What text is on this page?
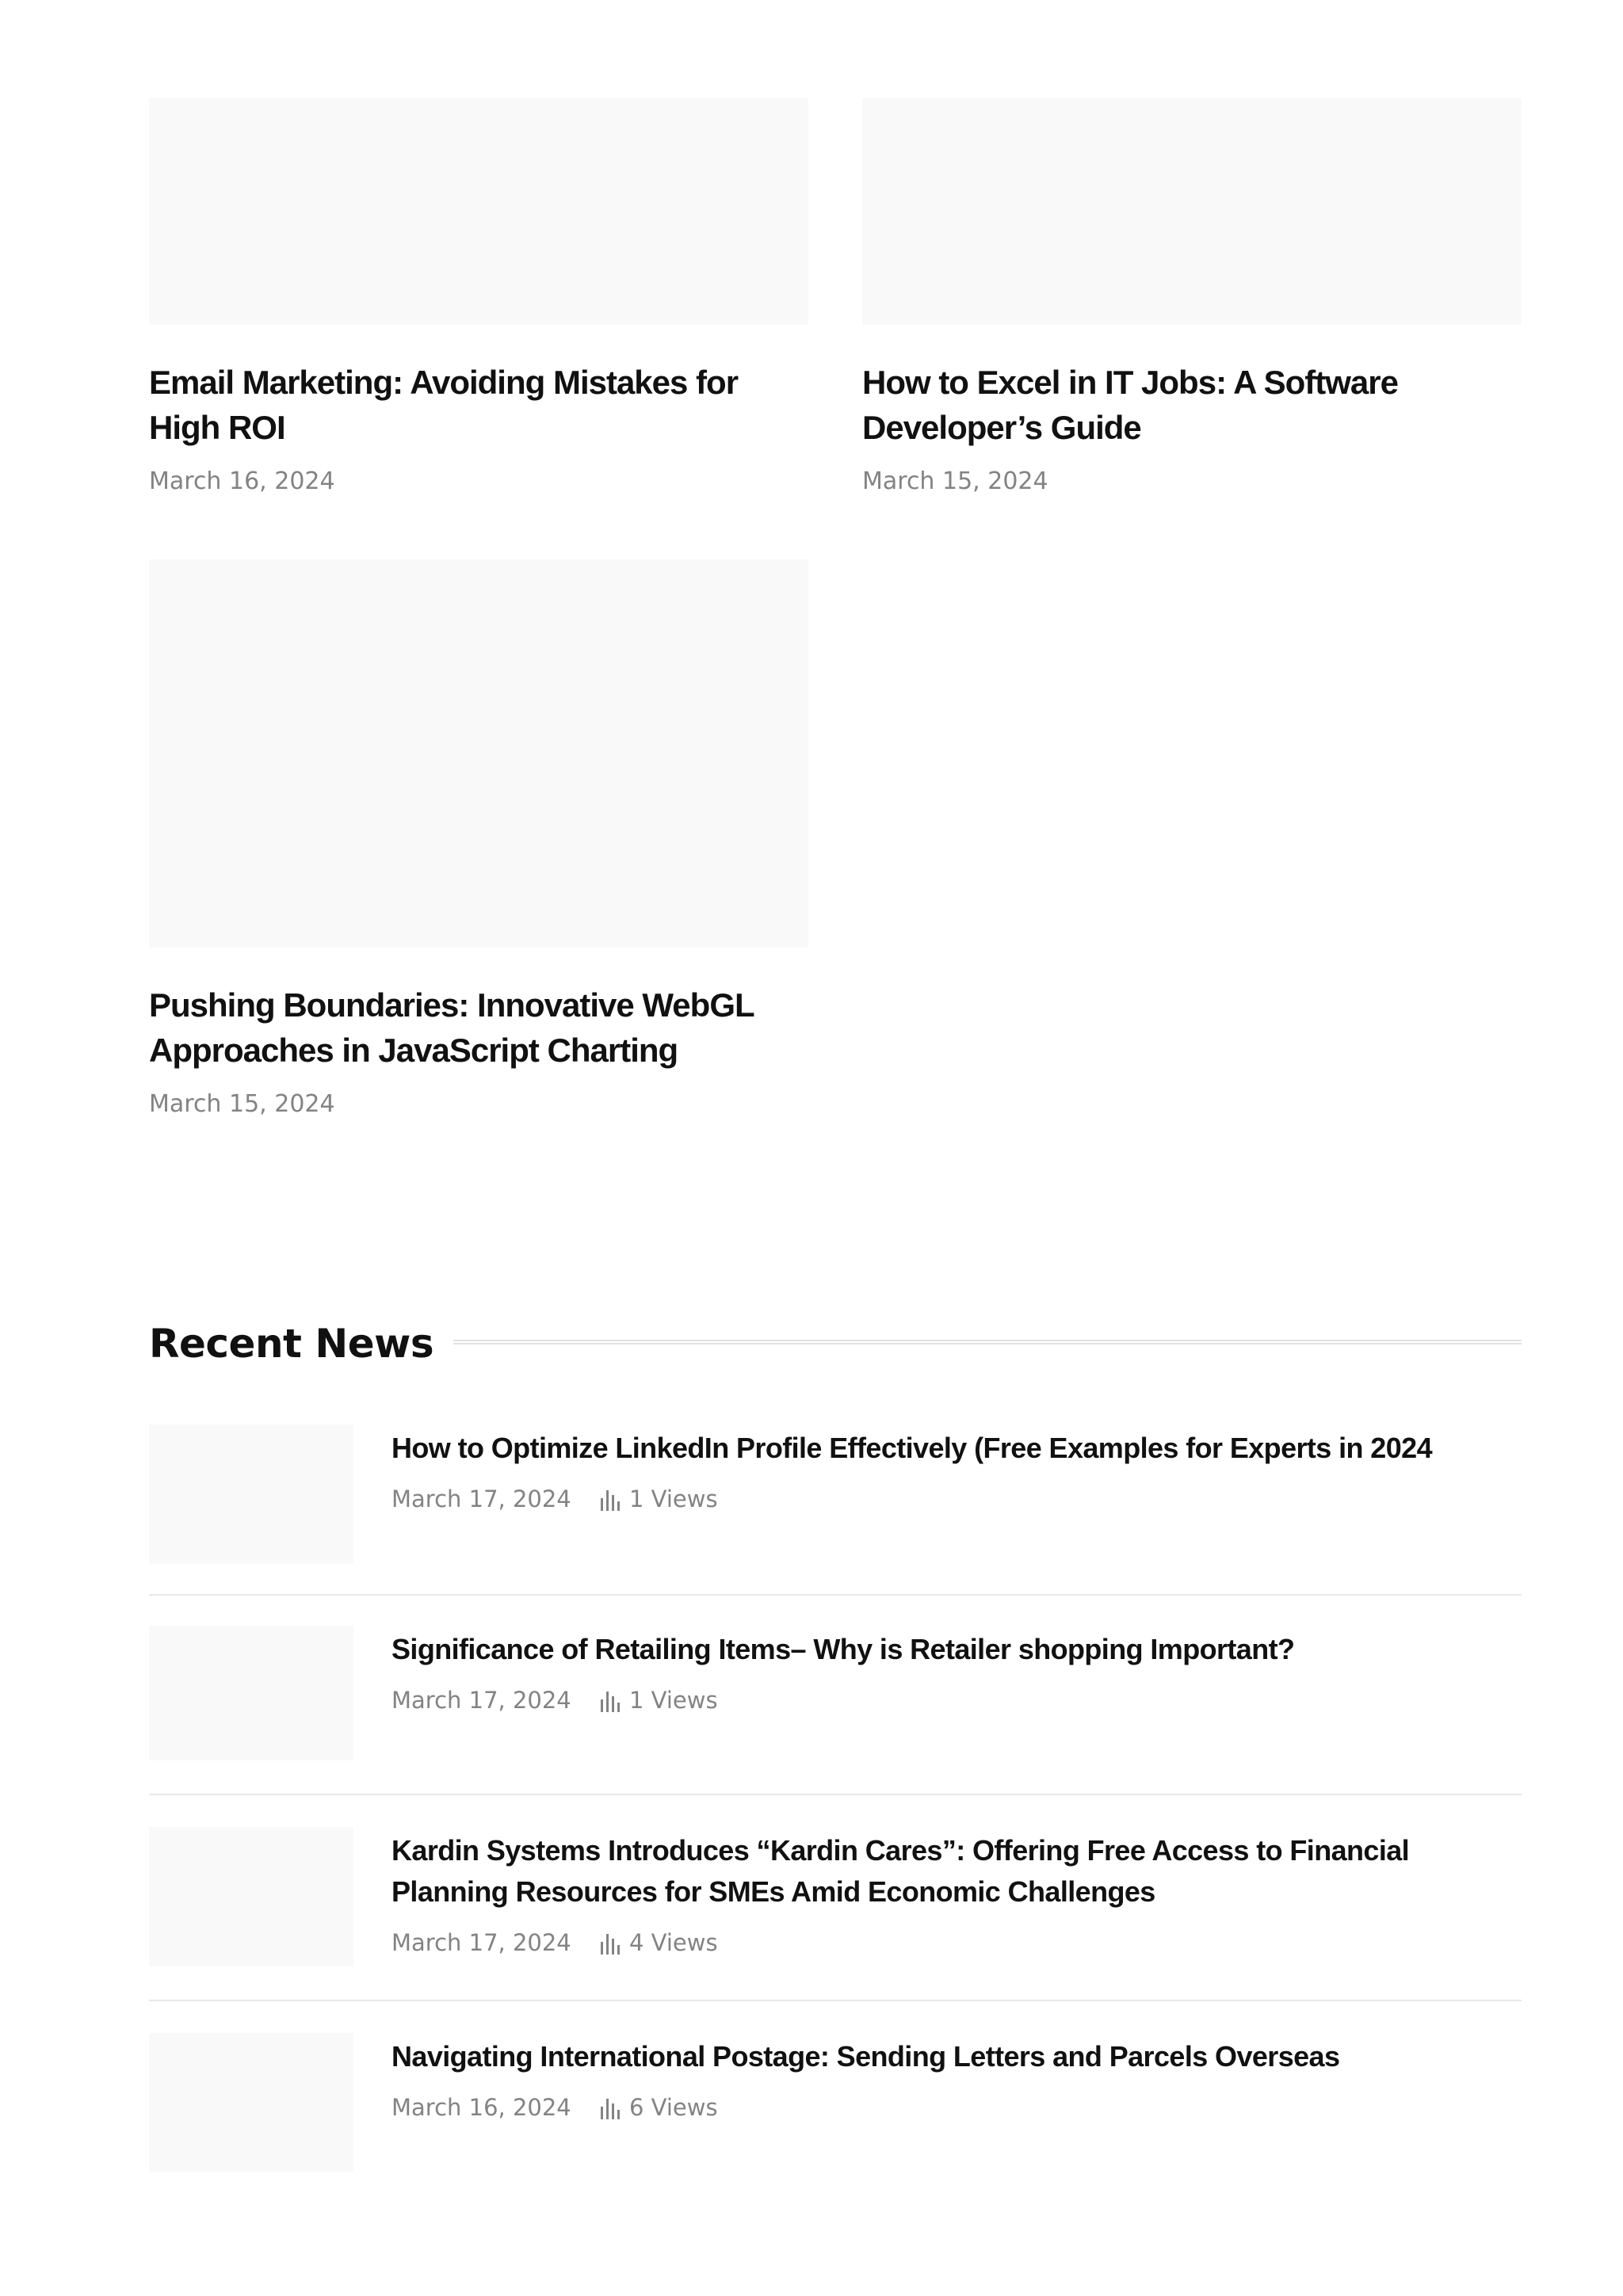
Email Marketing: Avoiding Mistakes for High ROI
March 16, 2024
How to Excel in IT Jobs: A Software Developer’s Guide
March 15, 2024
Pushing Boundaries: Innovative WebGL Approaches in JavaScript Charting
March 15, 2024
Recent News
How to Optimize LinkedIn Profile Effectively (Free Examples for Experts in 2024
March 17, 2024	1 Views
Significance of Retailing Items– Why is Retailer shopping Important?
March 17, 2024	1 Views
Kardin Systems Introduces “Kardin Cares”: Offering Free Access to Financial Planning Resources for SMEs Amid Economic Challenges
March 17, 2024	4 Views
Navigating International Postage: Sending Letters and Parcels Overseas
March 16, 2024	6 Views
